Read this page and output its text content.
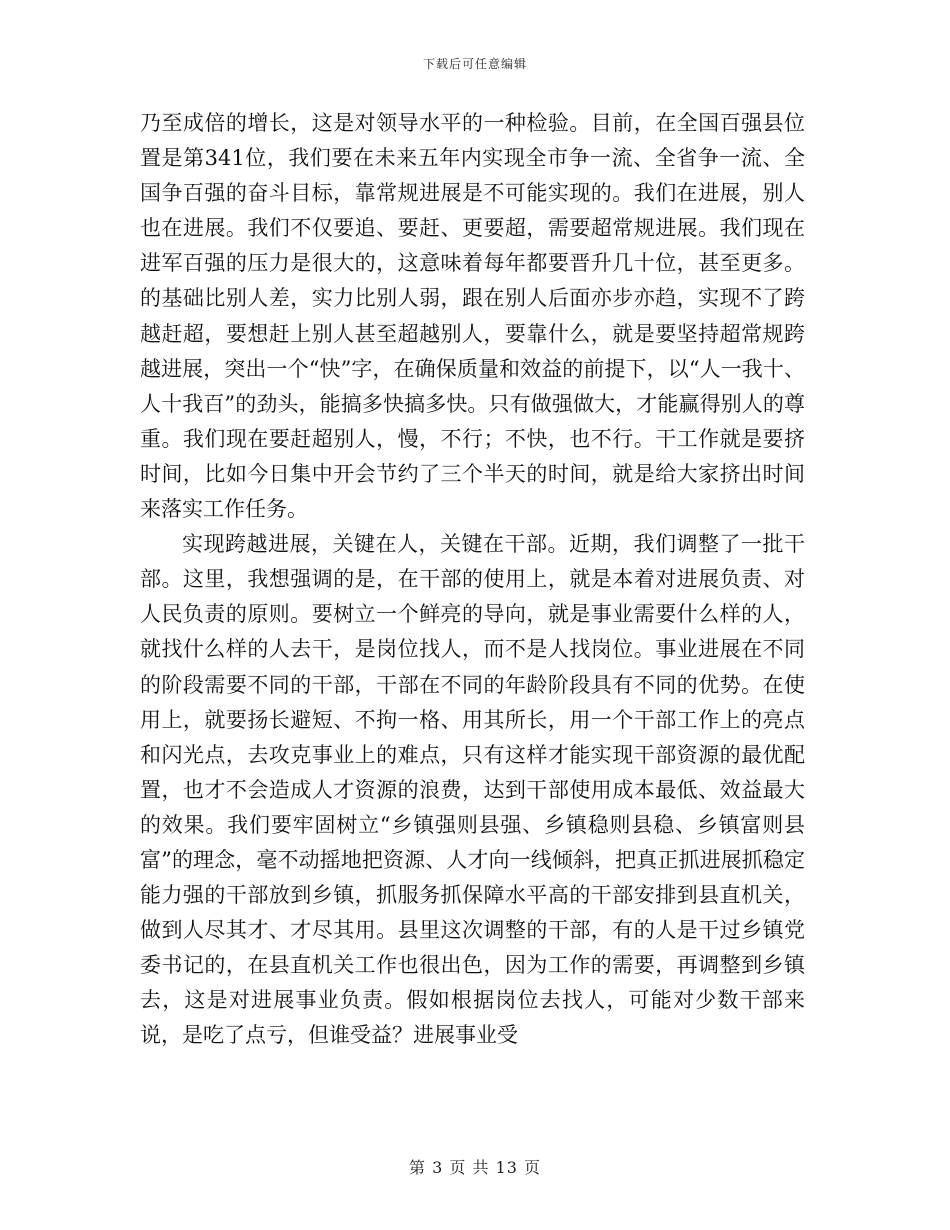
下载后可任意编辑

乃至成倍的增长，这是对领导水平的一种检验。目前，在全国百强县位置是第341位，我们要在未来五年内实现全市争一流、全省争一流、全国争百强的奋斗目标，靠常规进展是不可能实现的。我们在进展，别人也在进展。我们不仅要追、要赶、更要超，需要超常规进展。我们现在进军百强的压力是很大的，这意味着每年都要晋升几十位，甚至更多。的基础比别人差，实力比别人弱，跟在别人后面亦步亦趋，实现不了跨越赶超，要想赶上别人甚至超越别人，要靠什么，就是要坚持超常规跨越进展，突出一个“快”字，在确保质量和效益的前提下，以“人一我十、人十我百”的劲头，能搞多快搞多快。只有做强做大，才能赢得别人的尊重。我们现在要赶超别人，慢，不行；不快，也不行。干工作就是要挤时间，比如今日集中开会节约了三个半天的时间，就是给大家挤出时间来落实工作任务。

实现跨越进展，关键在人，关键在干部。近期，我们调整了一批干部。这里，我想强调的是，在干部的使用上，就是本着对进展负责、对人民负责的原则。要树立一个鲜亮的导向，就是事业需要什么样的人，就找什么样的人去干，是岗位找人，而不是人找岗位。事业进展在不同的阶段需要不同的干部，干部在不同的年龄阶段具有不同的优势。在使用上，就要扬长避短、不拘一格、用其所长，用一个干部工作上的亮点和闪光点，去攻克事业上的难点，只有这样才能实现干部资源的最优配置，也才不会造成人才资源的浪费，达到干部使用成本最低、效益最大的效果。我们要牢固树立“乡镇强则县强、乡镇稳则县稳、乡镇富则县富”的理念，毫不动摇地把资源、人才向一线倾斜，把真正抓进展抓稳定能力强的干部放到乡镇，抓服务抓保障水平高的干部安排到县直机关，做到人尽其才、才尽其用。县里这次调整的干部，有的人是干过乡镇党委书记的，在县直机关工作也很出色，因为工作的需要，再调整到乡镇去，这是对进展事业负责。假如根据岗位去找人，可能对少数干部来说，是吃了点亏，但谁受益？进展事业受

第 3 页 共 13 页
